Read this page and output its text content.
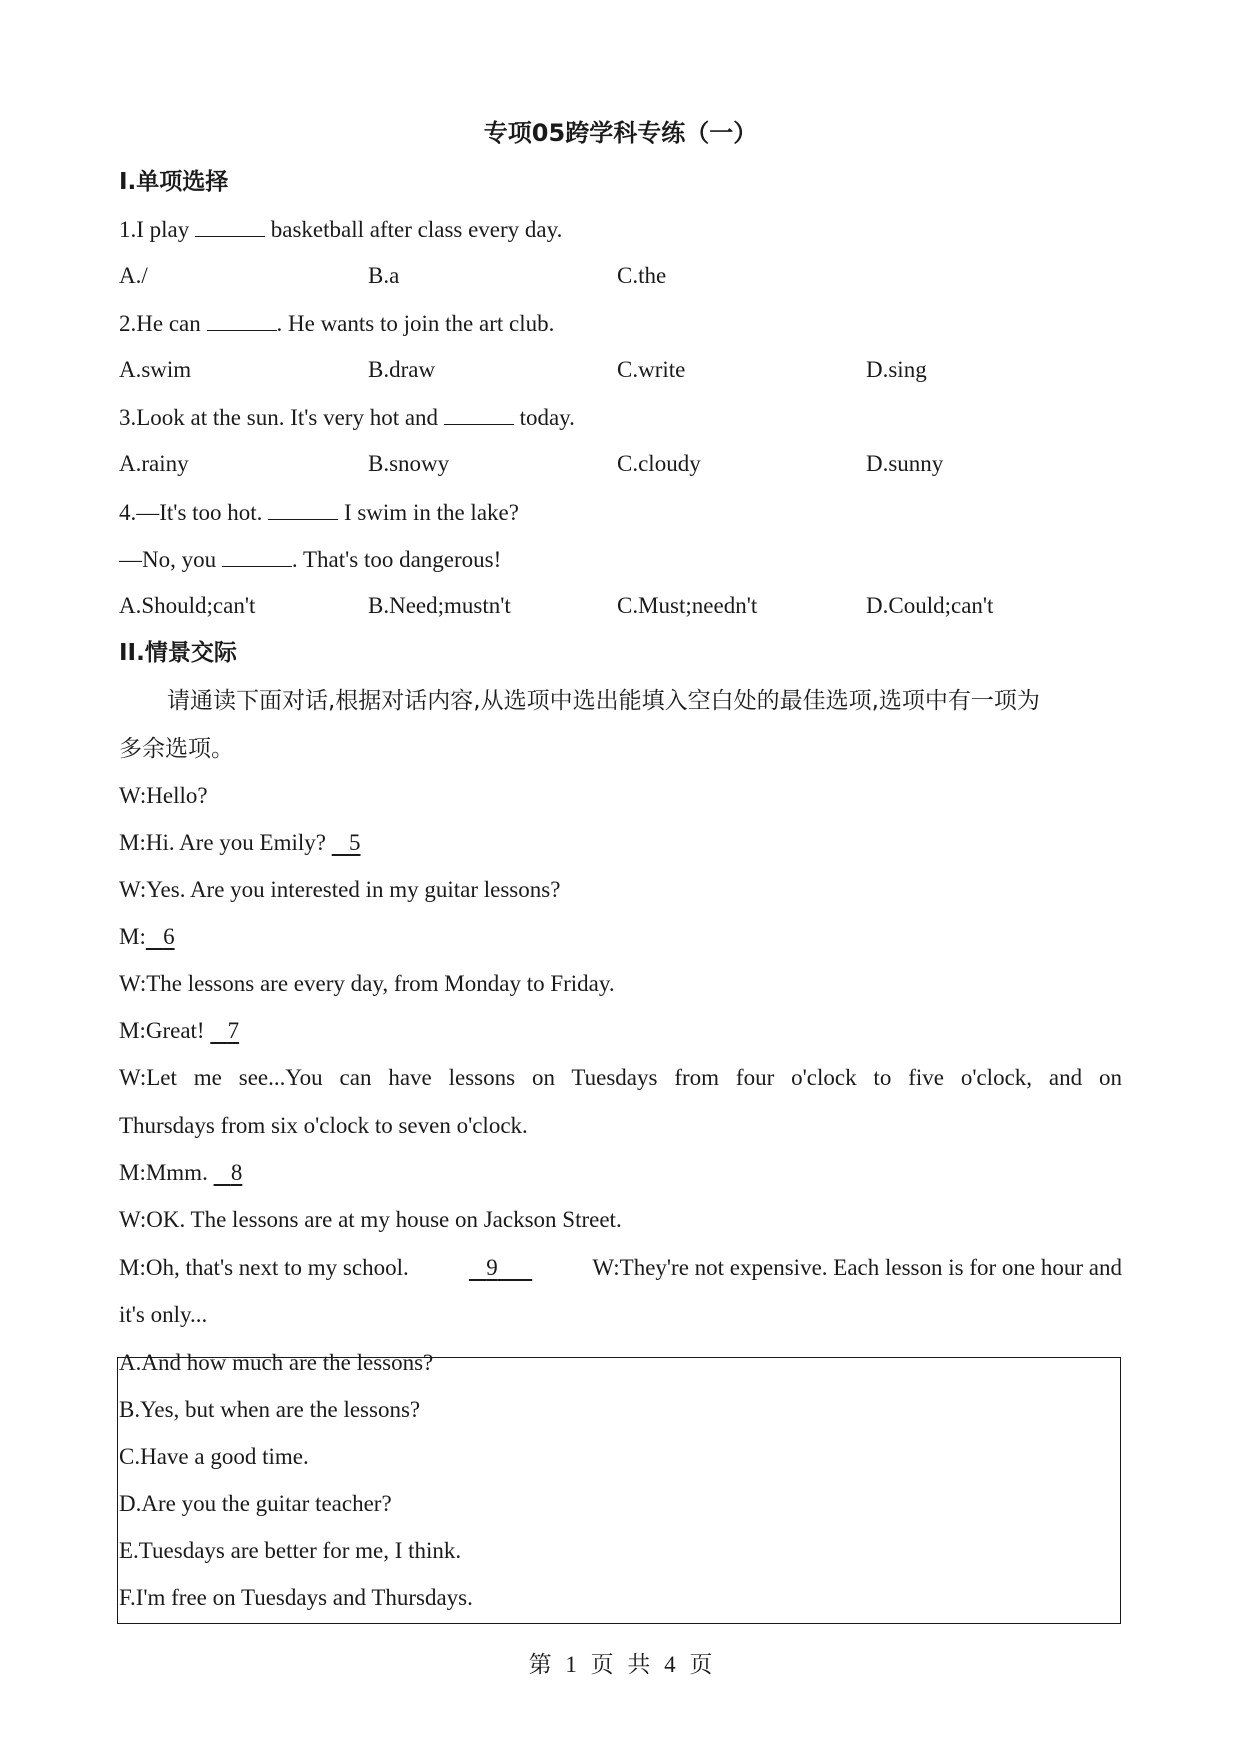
专项05跨学科专练（一）
I.单项选择
1.I play	basketball after class every day.
A./	B.a	C.the
2.He can	. He wants to join the art club.
A.swim	B.draw	C.write	D.sing
3.Look at the sun. It's very hot and	today.
A.rainy	B.snowy	C.cloudy	D.sunny
4.—It's too hot.	I swim in the lake?
—No, you	. That's too dangerous!
A.Should;can't	B.Need;mustn't	C.Must;needn't	D.Could;can't
II.情景交际
请通读下面对话,根据对话内容,从选项中选出能填入空白处的最佳选项,选项中有一项为
多余选项。
W:Hello?
M:Hi. Are you Emily? 5
W:Yes. Are you interested in my guitar lessons?
M: 6
W:The lessons are every day, from Monday to Friday.
M:Great! 7
W:Let me see...You can have lessons on Tuesdays from four o'clock to five o'clock, and on
Thursdays from six o'clock to seven o'clock.
M:Mmm. 8
W:OK. The lessons are at my house on Jackson Street.
M:Oh, that's next to my school.	9	W:They're not expensive. Each lesson is for one hour and
it's only...
A.And how much are the lessons?
B.Yes, but when are the lessons?
C.Have a good time.
D.Are you the guitar teacher?
E.Tuesdays are better for me, I think.
F.I'm free on Tuesdays and Thursdays.
第 1 页 共 4 页
